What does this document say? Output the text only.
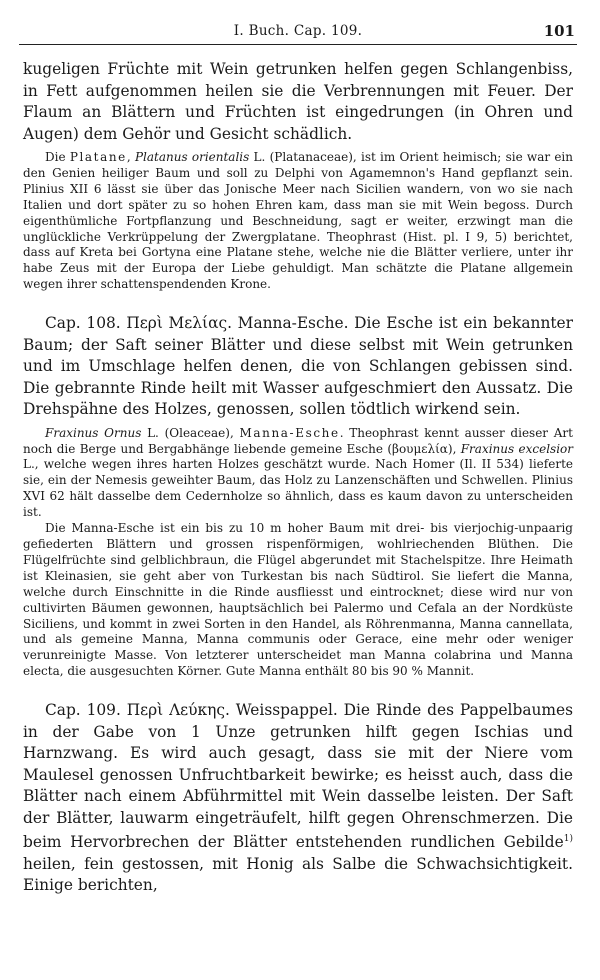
I. Buch. Cap. 109.	101

kugeligen Früchte mit Wein getrunken helfen gegen Schlangenbiss, in Fett aufgenommen heilen sie die Verbrennungen mit Feuer. Der Flaum an Blättern und Früchten ist eingedrungen (in Ohren und Augen) dem Gehör und Gesicht schädlich.

Die Platane, Platanus orientalis L. (Platanaceae), ist im Orient heimisch; sie war ein den Genien heiliger Baum und soll zu Delphi von Agamemnon's Hand gepflanzt sein. Plinius XII 6 lässt sie über das Jonische Meer nach Sicilien wandern, von wo sie nach Italien und dort später zu so hohen Ehren kam, dass man sie mit Wein begoss. Durch eigenthümliche Fortpflanzung und Beschneidung, sagt er weiter, erzwingt man die unglückliche Verkrüppelung der Zwergplatane. Theophrast (Hist. pl. I 9, 5) berichtet, dass auf Kreta bei Gortyna eine Platane stehe, welche nie die Blätter verliere, unter ihr habe Zeus mit der Europa der Liebe gehuldigt. Man schätzte die Platane allgemein wegen ihrer schattenspendenden Krone.

Cap. 108. Περὶ Μελίας. Manna-Esche. Die Esche ist ein bekannter Baum; der Saft seiner Blätter und diese selbst mit Wein getrunken und im Umschlage helfen denen, die von Schlangen gebissen sind. Die gebrannte Rinde heilt mit Wasser aufgeschmiert den Aussatz. Die Drehspähne des Holzes, genossen, sollen tödtlich wirkend sein.

Fraxinus Ornus L. (Oleaceae), Manna-Esche. Theophrast kennt ausser dieser Art noch die Berge und Bergabhänge liebende gemeine Esche (βουμελία), Fraxinus excelsior L., welche wegen ihres harten Holzes geschätzt wurde. Nach Homer (Il. II 534) lieferte sie, ein der Nemesis geweihter Baum, das Holz zu Lanzenschäften und Schwellen. Plinius XVI 62 hält dasselbe dem Cedernholze so ähnlich, dass es kaum davon zu unterscheiden ist.

Die Manna-Esche ist ein bis zu 10 m hoher Baum mit drei- bis vierjochig-unpaarig gefiederten Blättern und grossen rispenförmigen, wohlriechenden Blüthen. Die Flügelfrüchte sind gelblichbraun, die Flügel abgerundet mit Stachelspitze. Ihre Heimath ist Kleinasien, sie geht aber von Turkestan bis nach Südtirol. Sie liefert die Manna, welche durch Einschnitte in die Rinde ausfliesst und eintrocknet; diese wird nur von cultivirten Bäumen gewonnen, hauptsächlich bei Palermo und Cefala an der Nordküste Siciliens, und kommt in zwei Sorten in den Handel, als Röhrenmanna, Manna cannellata, und als gemeine Manna, Manna communis oder Gerace, eine mehr oder weniger verunreinigte Masse. Von letzterer unterscheidet man Manna colabrina und Manna electa, die ausgesuchten Körner. Gute Manna enthält 80 bis 90 % Mannit.

Cap. 109. Περὶ Λεύκης. Weisspappel. Die Rinde des Pappelbaumes in der Gabe von 1 Unze getrunken hilft gegen Ischias und Harnzwang. Es wird auch gesagt, dass sie mit der Niere vom Maulesel genossen Unfruchtbarkeit bewirke; es heisst auch, dass die Blätter nach einem Abführmittel mit Wein dasselbe leisten. Der Saft der Blätter, lauwarm eingeträufelt, hilft gegen Ohrenschmerzen. Die beim Hervorbrechen der Blätter entstehenden rundlichen Gebilde$^{1)}$ heilen, fein gestossen, mit Honig als Salbe die Schwachsichtigkeit. Einige berichten,
